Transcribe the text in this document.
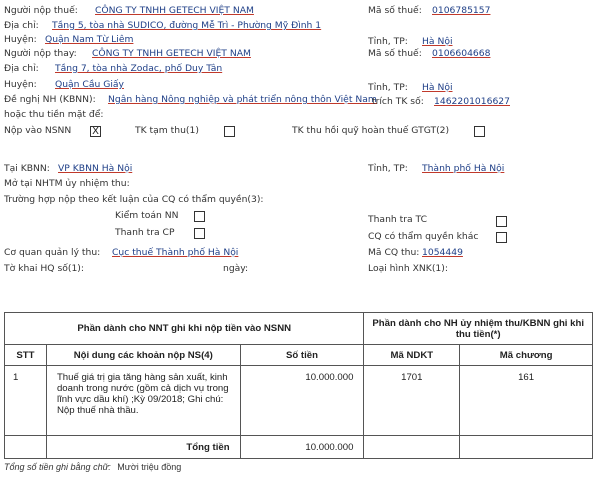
Người nộp thuế: CÔNG TY TNHH GETECH VIỆT NAM	Mã số thuế: 0106785157
Địa chỉ: Tầng 5, tòa nhà SUDICO, đường Mễ Trì - Phường Mỹ Đình 1
Huyện: Quận Nam Từ Liêm	Tỉnh, TP: Hà Nội
Người nộp thay: CÔNG TY TNHH GETECH VIỆT NAM	Mã số thuế: 0106604668
Địa chỉ: Tầng 7, tòa nhà Zodac, phố Duy Tân
Huyện: Quận Cầu Giấy	Tỉnh, TP: Hà Nội
Đề nghị NH (KBNN): Ngân hàng Nông nghiệp và phát triển nông thôn Việt Nam
trích TK số: 1462201016627
hoặc thu tiền mặt để:
Nộp vào NSNN X	TK tạm thu(1)	TK thu hồi quỹ hoàn thuế GTGT(2)
Tại KBNN: VP KBNN Hà Nội	Tỉnh, TP: Thành phố Hà Nội
Mở tại NHTM ủy nhiệm thu:
Trường hợp nộp theo kết luận của CQ có thẩm quyền(3):
Kiểm toán NN	Thanh tra TC
Thanh tra CP	CQ có thẩm quyền khác
Cơ quan quản lý thu: Cục thuế Thành phố Hà Nội	Mã CQ thu: 1054449
Tờ khai HQ số(1):	ngày:	Loại hình XNK(1):
Phần dành cho NNT ghi khi nộp tiền vào NSNN			Phần dành cho NH ủy nhiệm thu/KBNN ghi khi thu tiền(*)	
STT	Nội dung các khoản nộp NS(4)	Số tiền	Mã NDKT	Mã chương
1	Thuế giá trị gia tăng hàng sản xuất, kinh doanh trong nước (gồm cả dịch vụ trong lĩnh vực dầu khí) ;Kỳ 09/2018; Ghi chú: Nộp thuế nhà thầu.	10.000.000	1701	161
	Tổng tiền	10.000.000		
Tổng số tiền ghi bằng chữ: Mười triệu đồng
